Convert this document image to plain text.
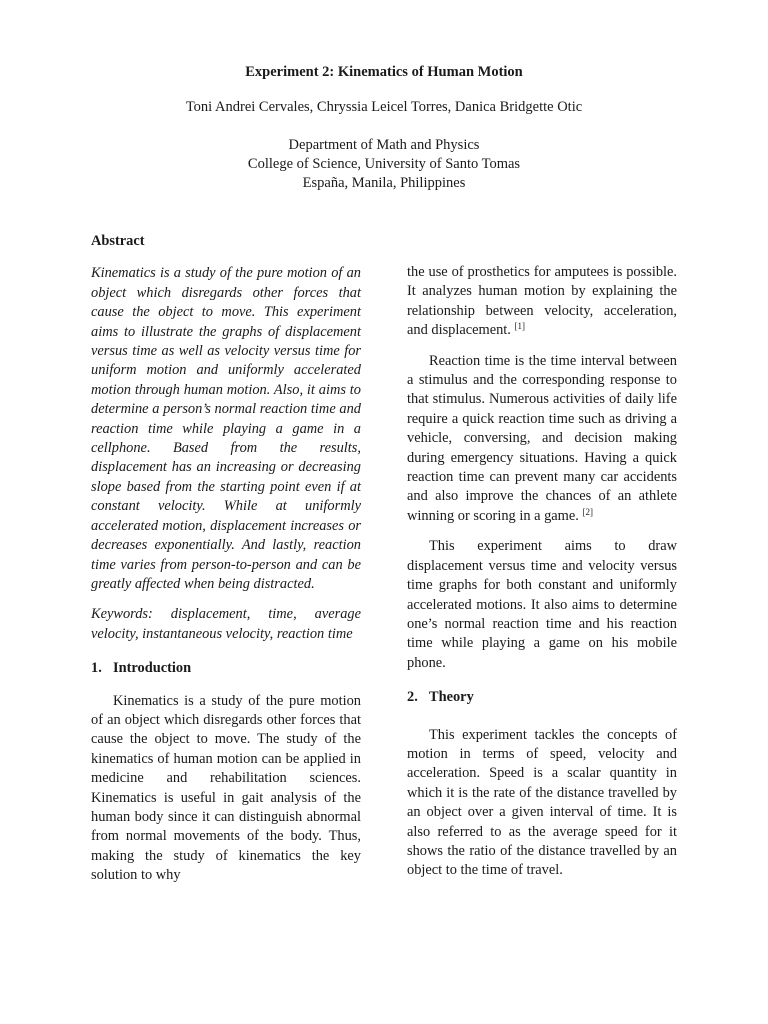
Experiment 2: Kinematics of Human Motion
Toni Andrei Cervales, Chryssia Leicel Torres, Danica Bridgette Otic
Department of Math and Physics
College of Science, University of Santo Tomas
España, Manila, Philippines

Abstract

Kinematics is a study of the pure motion of an object which disregards other forces that cause the object to move. This experiment aims to illustrate the graphs of displacement versus time as well as velocity versus time for uniform motion and uniformly accelerated motion through human motion. Also, it aims to determine a person’s normal reaction time and reaction time while playing a game in a cellphone. Based from the results, displacement has an increasing or decreasing slope based from the starting point even if at constant velocity. While at uniformly accelerated motion, displacement increases or decreases exponentially. And lastly, reaction time varies from person-to-person and can be greatly affected when being distracted.

Keywords: displacement, time, average velocity, instantaneous velocity, reaction time

1. Introduction

Kinematics is a study of the pure motion of an object which disregards other forces that cause the object to move. The study of the kinematics of human motion can be applied in medicine and rehabilitation sciences. Kinematics is useful in gait analysis of the human body since it can distinguish abnormal from normal movements of the body. Thus, making the study of kinematics the key solution to why

the use of prosthetics for amputees is possible. It analyzes human motion by explaining the relationship between velocity, acceleration, and displacement. [1]

Reaction time is the time interval between a stimulus and the corresponding response to that stimulus. Numerous activities of daily life require a quick reaction time such as driving a vehicle, conversing, and decision making during emergency situations. Having a quick reaction time can prevent many car accidents and also improve the chances of an athlete winning or scoring in a game. [2]

This experiment aims to draw displacement versus time and velocity versus time graphs for both constant and uniformly accelerated motions. It also aims to determine one’s normal reaction time and his reaction time while playing a game on his mobile phone.

2. Theory

This experiment tackles the concepts of motion in terms of speed, velocity and acceleration. Speed is a scalar quantity in which it is the rate of the distance travelled by an object over a given interval of time. It is also referred to as the average speed for it shows the ratio of the distance travelled by an object to the time of travel.
